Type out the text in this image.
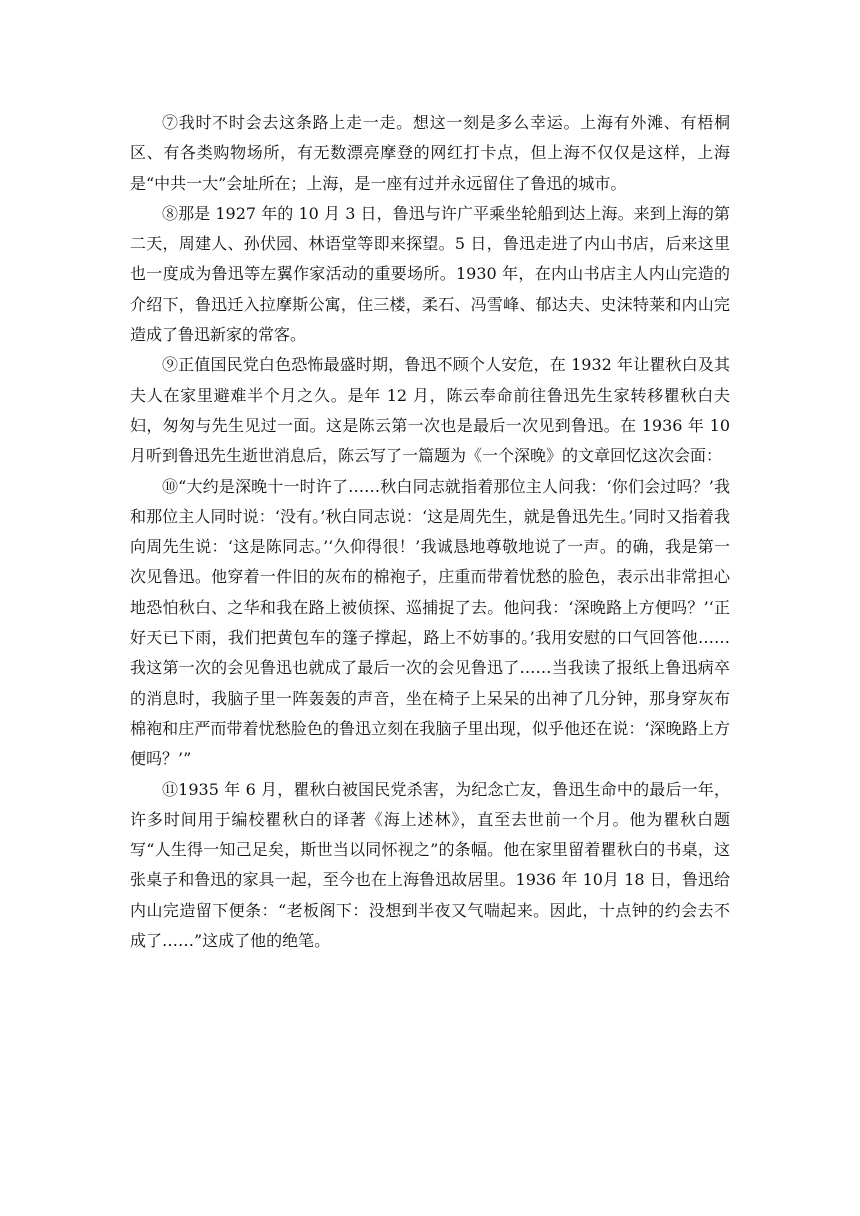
⑦我时不时会去这条路上走一走。想这一刻是多么幸运。上海有外滩、有梧桐区、有各类购物场所，有无数漂亮摩登的网红打卡点，但上海不仅仅是这样，上海是“中共一大”会址所在；上海，是一座有过并永远留住了鲁迅的城市。

⑧那是 1927 年的 10 月 3 日，鲁迅与许广平乘坐轮船到达上海。来到上海的第二天，周建人、孙伏园、林语堂等即来探望。5 日，鲁迅走进了内山书店，后来这里也一度成为鲁迅等左翼作家活动的重要场所。1930 年，在内山书店主人内山完造的介绍下，鲁迅迁入拉摩斯公寓，住三楼，柔石、冯雪峰、郁达夫、史沫特莱和内山完造成了鲁迅新家的常客。

⑨正值国民党白色恐怖最盛时期，鲁迅不顾个人安危，在 1932 年让瞿秋白及其夫人在家里避难半个月之久。是年 12 月，陈云奉命前往鲁迅先生家转移瞿秋白夫妇，匆匆与先生见过一面。这是陈云第一次也是最后一次见到鲁迅。在 1936 年 10月听到鲁迅先生逝世消息后，陈云写了一篇题为《一个深晚》的文章回忆这次会面：

⑩“大约是深晚十一时许了……秋白同志就指着那位主人问我：‘你们会过吗？’我和那位主人同时说：‘没有。’秋白同志说：‘这是周先生，就是鲁迅先生。’同时又指着我向周先生说：‘这是陈同志。’‘久仰得很！’我诚恳地尊敬地说了一声。的确，我是第一次见鲁迅。他穿着一件旧的灰布的棉袍子，庄重而带着忧愁的脸色，表示出非常担心地恐怕秋白、之华和我在路上被侦探、巡捕捉了去。他问我：‘深晚路上方便吗？’‘正好天已下雨，我们把黄包车的篷子撑起，路上不妨事的。’我用安慰的口气回答他……我这第一次的会见鲁迅也就成了最后一次的会见鲁迅了……当我读了报纸上鲁迅病卒的消息时，我脑子里一阵轰轰的声音，坐在椅子上呆呆的出神了几分钟，那身穿灰布棉袍和庄严而带着忧愁脸色的鲁迅立刻在我脑子里出现，似乎他还在说：‘深晚路上方便吗？’”

⑪1935 年 6 月，瞿秋白被国民党杀害，为纪念亡友，鲁迅生命中的最后一年，许多时间用于编校瞿秋白的译著《海上述林》，直至去世前一个月。他为瞿秋白题写“人生得一知己足矣，斯世当以同怀视之”的条幅。他在家里留着瞿秋白的书桌，这张桌子和鲁迅的家具一起，至今也在上海鲁迅故居里。1936 年 10月 18 日，鲁迅给内山完造留下便条：“老板阁下：没想到半夜又气喘起来。因此，十点钟的约会去不成了……”这成了他的绝笔。
